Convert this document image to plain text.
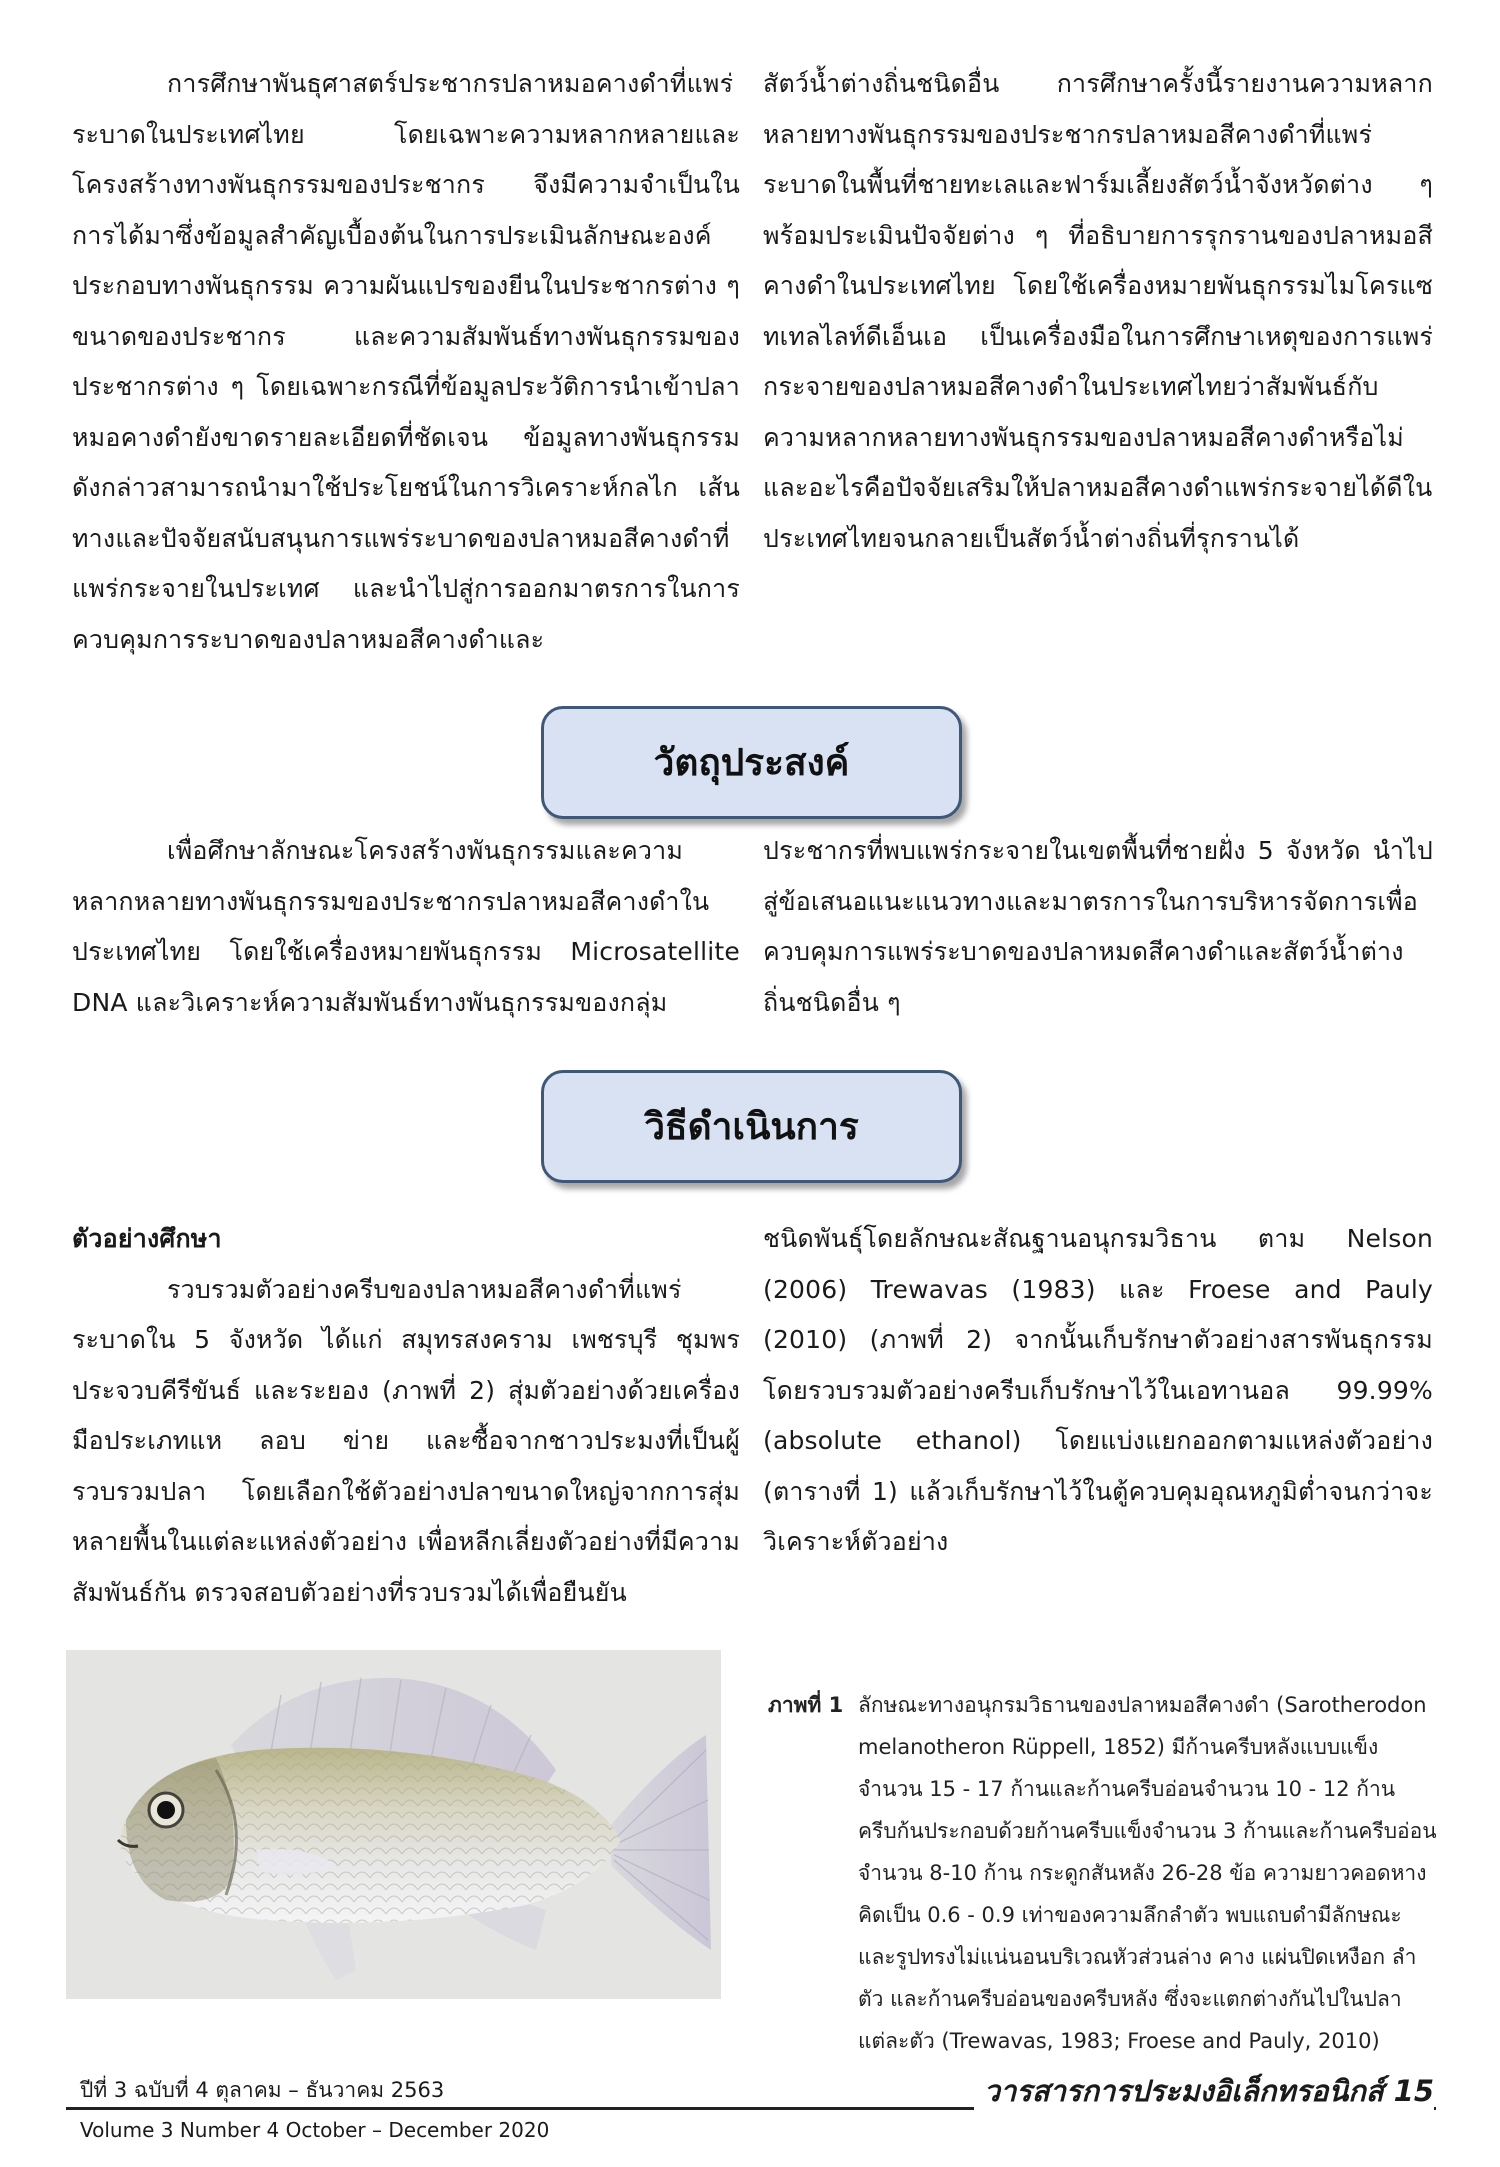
การศึกษาพันธุศาสตร์ประชากรปลาหมอคางดำที่แพร่ระบาดในประเทศไทย โดยเฉพาะความหลากหลายและโครงสร้างทางพันธุกรรมของประชากร จึงมีความจำเป็นในการได้มาซึ่งข้อมูลสำคัญเบื้องต้นในการประเมินลักษณะองค์ประกอบทางพันธุกรรม ความผันแปรของยีนในประชากรต่าง ๆ ขนาดของประชากร และความสัมพันธ์ทางพันธุกรรมของประชากรต่าง ๆ โดยเฉพาะกรณีที่ข้อมูลประวัติการนำเข้าปลาหมอคางดำยังขาดรายละเอียดที่ชัดเจน ข้อมูลทางพันธุกรรมดังกล่าวสามารถนำมาใช้ประโยชน์ในการวิเคราะห์กลไก เส้นทางและปัจจัยสนับสนุนการแพร่ระบาดของปลาหมอสีคางดำที่แพร่กระจายในประเทศ และนำไปสู่การออกมาตรการในการควบคุมการระบาดของปลาหมอสีคางดำและ

สัตว์น้ำต่างถิ่นชนิดอื่น การศึกษาครั้งนี้รายงานความหลากหลายทางพันธุกรรมของประชากรปลาหมอสีคางดำที่แพร่ระบาดในพื้นที่ชายทะเลและฟาร์มเลี้ยงสัตว์น้ำจังหวัดต่าง ๆ พร้อมประเมินปัจจัยต่าง ๆ ที่อธิบายการรุกรานของปลาหมอสีคางดำในประเทศไทย โดยใช้เครื่องหมายพันธุกรรมไมโครแซทเทลไลท์ดีเอ็นเอ เป็นเครื่องมือในการศึกษาเหตุของการแพร่กระจายของปลาหมอสีคางดำในประเทศไทยว่าสัมพันธ์กับความหลากหลายทางพันธุกรรมของปลาหมอสีคางดำหรือไม่ และอะไรคือปัจจัยเสริมให้ปลาหมอสีคางดำแพร่กระจายได้ดีในประเทศไทยจนกลายเป็นสัตว์น้ำต่างถิ่นที่รุกรานได้

วัตถุประสงค์

เพื่อศึกษาลักษณะโครงสร้างพันธุกรรมและความหลากหลายทางพันธุกรรมของประชากรปลาหมอสีคางดำในประเทศไทย โดยใช้เครื่องหมายพันธุกรรม Microsatellite DNA และวิเคราะห์ความสัมพันธ์ทางพันธุกรรมของกลุ่ม

ประชากรที่พบแพร่กระจายในเขตพื้นที่ชายฝั่ง 5 จังหวัด นำไปสู่ข้อเสนอแนะแนวทางและมาตรการในการบริหารจัดการเพื่อควบคุมการแพร่ระบาดของปลาหมดสีคางดำและสัตว์น้ำต่างถิ่นชนิดอื่น ๆ

วิธีดำเนินการ

ตัวอย่างศึกษา

รวบรวมตัวอย่างครีบของปลาหมอสีคางดำที่แพร่ระบาดใน 5 จังหวัด ได้แก่ สมุทรสงคราม เพชรบุรี ชุมพร ประจวบคีรีขันธ์ และระยอง (ภาพที่ 2) สุ่มตัวอย่างด้วยเครื่องมือประเภทแห ลอบ ข่าย และซื้อจากชาวประมงที่เป็นผู้รวบรวมปลา โดยเลือกใช้ตัวอย่างปลาขนาดใหญ่จากการสุ่มหลายพื้นในแต่ละแหล่งตัวอย่าง เพื่อหลีกเลี่ยงตัวอย่างที่มีความสัมพันธ์กัน ตรวจสอบตัวอย่างที่รวบรวมได้เพื่อยืนยัน

ชนิดพันธุ์โดยลักษณะสัณฐานอนุกรมวิธาน ตาม Nelson (2006) Trewavas (1983) และ Froese and Pauly (2010) (ภาพที่ 2) จากนั้นเก็บรักษาตัวอย่างสารพันธุกรรม โดยรวบรวมตัวอย่างครีบเก็บรักษาไว้ในเอทานอล 99.99% (absolute ethanol) โดยแบ่งแยกออกตามแหล่งตัวอย่าง (ตารางที่ 1) แล้วเก็บรักษาไว้ในตู้ควบคุมอุณหภูมิต่ำจนกว่าจะวิเคราะห์ตัวอย่าง

ภาพที่ 1 ลักษณะทางอนุกรมวิธานของปลาหมอสีคางดำ (Sarotherodon
melanotheron Rüppell, 1852) มีก้านครีบหลังแบบแข็งจำนวน 15 - 17 ก้านและก้านครีบอ่อนจำนวน 10 - 12 ก้าน ครีบก้นประกอบด้วยก้านครีบแข็งจำนวน 3 ก้านและก้านครีบอ่อนจำนวน 8-10 ก้าน กระดูกสันหลัง 26-28 ข้อ ความยาวคอดหางคิดเป็น 0.6 - 0.9 เท่าของความลึกลำตัว พบแถบดำมีลักษณะและรูปทรงไม่แน่นอนบริเวณหัวส่วนล่าง คาง แผ่นปิดเหงือก ลำตัว และก้านครีบอ่อนของครีบหลัง ซึ่งจะแตกต่างกันไปในปลาแต่ละตัว (Trewavas, 1983; Froese and Pauly, 2010)
ปีที่ 3 ฉบับที่ 4 ตุลาคม – ธันวาคม 2563	วารสารการประมงอิเล็กทรอนิกส์ 15
Volume 3 Number 4 October – December 2020
